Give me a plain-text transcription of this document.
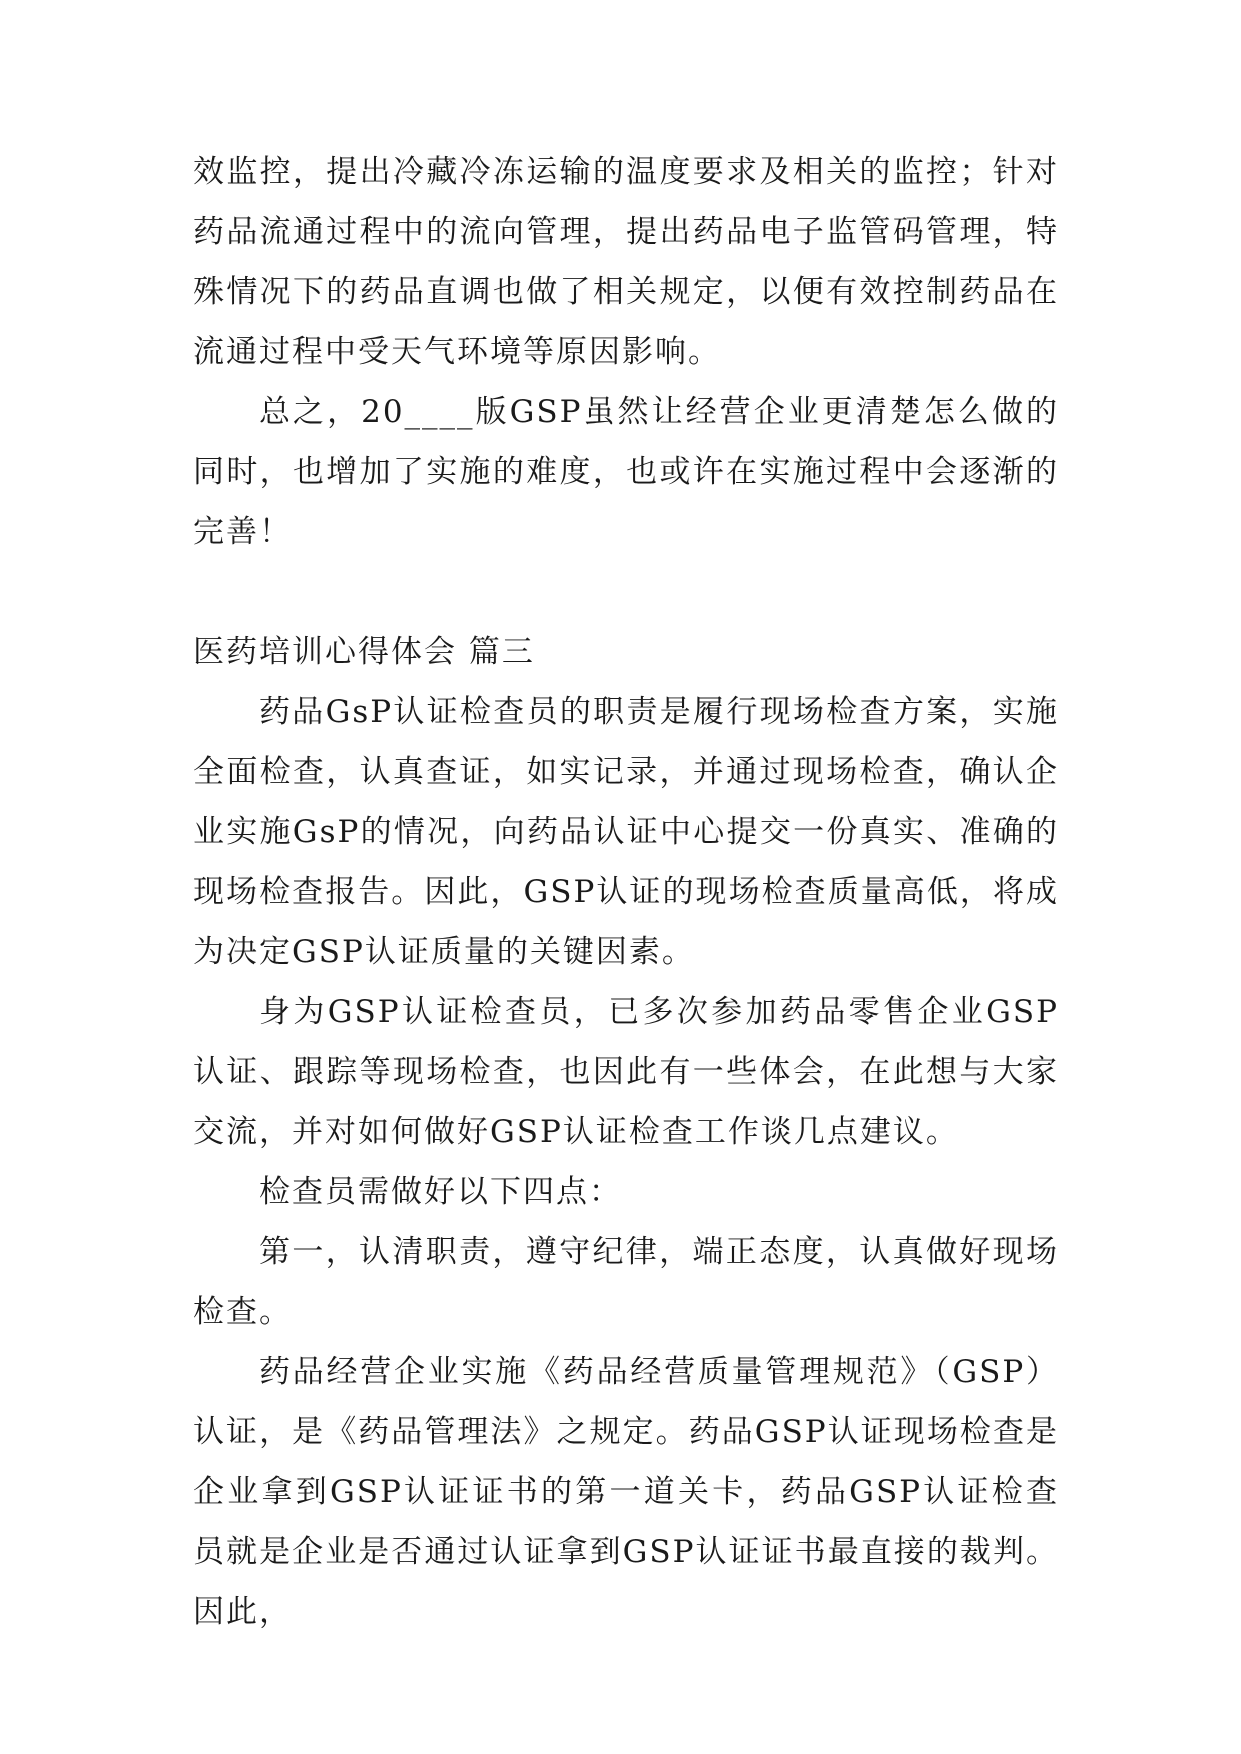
效监控，提出冷藏冷冻运输的温度要求及相关的监控；针对药品流通过程中的流向管理，提出药品电子监管码管理，特殊情况下的药品直调也做了相关规定，以便有效控制药品在流通过程中受天气环境等原因影响。

总之，20____版GSP虽然让经营企业更清楚怎么做的同时，也增加了实施的难度，也或许在实施过程中会逐渐的完善！

医药培训心得体会 篇三

药品GsP认证检查员的职责是履行现场检查方案，实施全面检查，认真查证，如实记录，并通过现场检查，确认企业实施GsP的情况，向药品认证中心提交一份真实、准确的现场检查报告。因此，GSP认证的现场检查质量高低，将成为决定GSP认证质量的关键因素。

身为GSP认证检查员，已多次参加药品零售企业GSP认证、跟踪等现场检查，也因此有一些体会，在此想与大家交流，并对如何做好GSP认证检查工作谈几点建议。

检查员需做好以下四点：

第一，认清职责，遵守纪律，端正态度，认真做好现场检查。

药品经营企业实施《药品经营质量管理规范》（GSP）认证，是《药品管理法》之规定。药品GSP认证现场检查是企业拿到GSP认证证书的第一道关卡，药品GSP认证检查员就是企业是否通过认证拿到GSP认证证书最直接的裁判。因此，
